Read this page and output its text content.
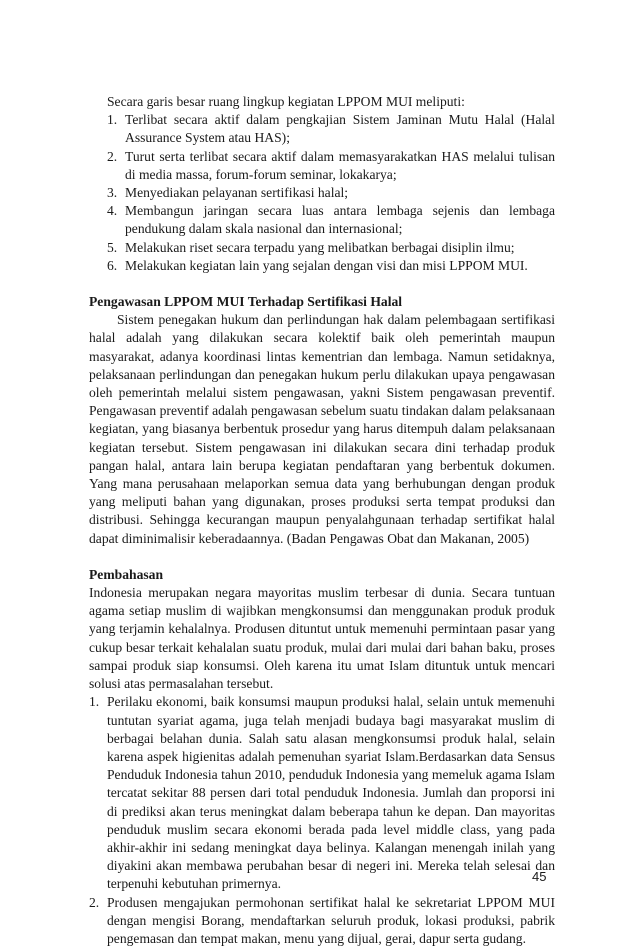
Secara garis besar ruang lingkup kegiatan LPPOM MUI meliputi:

1. Terlibat secara aktif dalam pengkajian Sistem Jaminan Mutu Halal (Halal Assurance System atau HAS);
2. Turut serta terlibat secara aktif dalam memasyarakatkan HAS melalui tulisan di media massa, forum-forum seminar, lokakarya;
3. Menyediakan pelayanan sertifikasi halal;
4. Membangun jaringan secara luas antara lembaga sejenis dan lembaga pendukung dalam skala nasional dan internasional;
5. Melakukan riset secara terpadu yang melibatkan berbagai disiplin ilmu;
6. Melakukan kegiatan lain yang sejalan dengan visi dan misi LPPOM MUI.

Pengawasan LPPOM MUI Terhadap Sertifikasi Halal

Sistem penegakan hukum dan perlindungan hak dalam pelembagaan sertifikasi halal adalah yang dilakukan secara kolektif baik oleh pemerintah maupun masyarakat, adanya koordinasi lintas kementrian dan lembaga. Namun setidaknya, pelaksanaan perlindungan dan penegakan hukum perlu dilakukan upaya pengawasan oleh pemerintah melalui sistem pengawasan, yakni Sistem pengawasan preventif. Pengawasan preventif adalah pengawasan sebelum suatu tindakan dalam pelaksanaan kegiatan, yang biasanya berbentuk prosedur yang harus ditempuh dalam pelaksanaan kegiatan tersebut. Sistem pengawasan ini dilakukan secara dini terhadap produk pangan halal, antara lain berupa kegiatan pendaftaran yang berbentuk dokumen. Yang mana perusahaan melaporkan semua data yang berhubungan dengan produk yang meliputi bahan yang digunakan, proses produksi serta tempat produksi dan distribusi. Sehingga kecurangan maupun penyalahgunaan terhadap sertifikat halal dapat diminimalisir keberadaannya. (Badan Pengawas Obat dan Makanan, 2005)

Pembahasan

Indonesia merupakan negara mayoritas muslim terbesar di dunia. Secara tuntuan agama setiap muslim di wajibkan mengkonsumsi dan menggunakan produk produk yang terjamin kehalalnya. Produsen dituntut untuk memenuhi permintaan pasar yang cukup besar terkait kehalalan suatu produk, mulai dari mulai dari bahan baku, proses sampai produk siap konsumsi. Oleh karena itu umat Islam dituntuk untuk mencari solusi atas permasalahan tersebut.

1. Perilaku ekonomi, baik konsumsi maupun produksi halal, selain untuk memenuhi tuntutan syariat agama, juga telah menjadi budaya bagi masyarakat muslim di berbagai belahan dunia. Salah satu alasan mengkonsumsi produk halal, selain karena aspek higienitas adalah pemenuhan syariat Islam.Berdasarkan data Sensus Penduduk Indonesia tahun 2010, penduduk Indonesia yang memeluk agama Islam tercatat sekitar 88 persen dari total penduduk Indonesia. Jumlah dan proporsi ini di prediksi akan terus meningkat dalam beberapa tahun ke depan. Dan mayoritas penduduk muslim secara ekonomi berada pada level middle class, yang pada akhir-akhir ini sedang meningkat daya belinya. Kalangan menengah inilah yang diyakini akan membawa perubahan besar di negeri ini. Mereka telah selesai dan terpenuhi kebutuhan primernya.
2. Produsen mengajukan permohonan sertifikat halal ke sekretariat LPPOM MUI dengan mengisi Borang, mendaftarkan seluruh produk, lokasi produksi, pabrik pengemasan dan tempat makan, menu yang dijual, gerai, dapur serta gudang.
45
